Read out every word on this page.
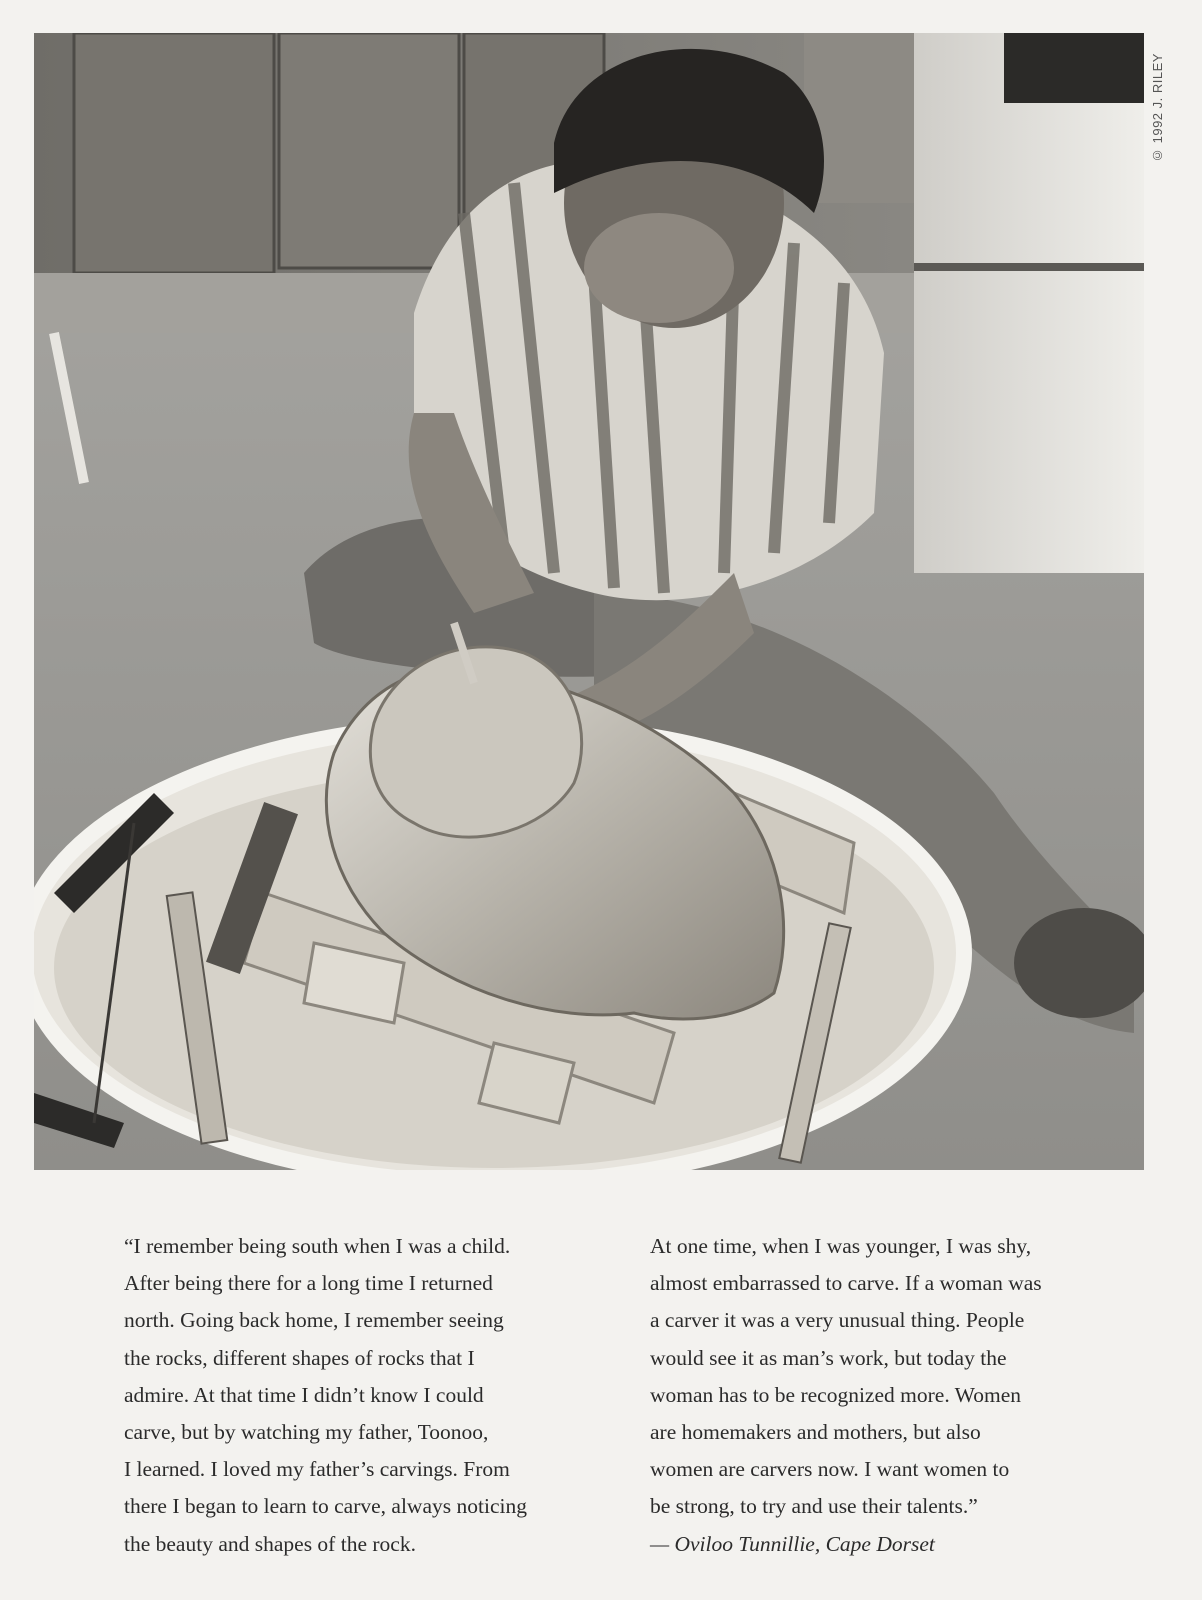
© 1992 J. RILEY
“I remember being south when I was a child.
After being there for a long time I returned
north. Going back home, I remember seeing
the rocks, different shapes of rocks that I
admire. At that time I didn’t know I could
carve, but by watching my father, Toonoo,
I learned. I loved my father’s carvings. From
there I began to learn to carve, always noticing
the beauty and shapes of the rock.
At one time, when I was younger, I was shy,
almost embarrassed to carve. If a woman was
a carver it was a very unusual thing. People
would see it as man’s work, but today the
woman has to be recognized more. Women
are homemakers and mothers, but also
women are carvers now. I want women to
be strong, to try and use their talents.”
— Oviloo Tunnillie, Cape Dorset
